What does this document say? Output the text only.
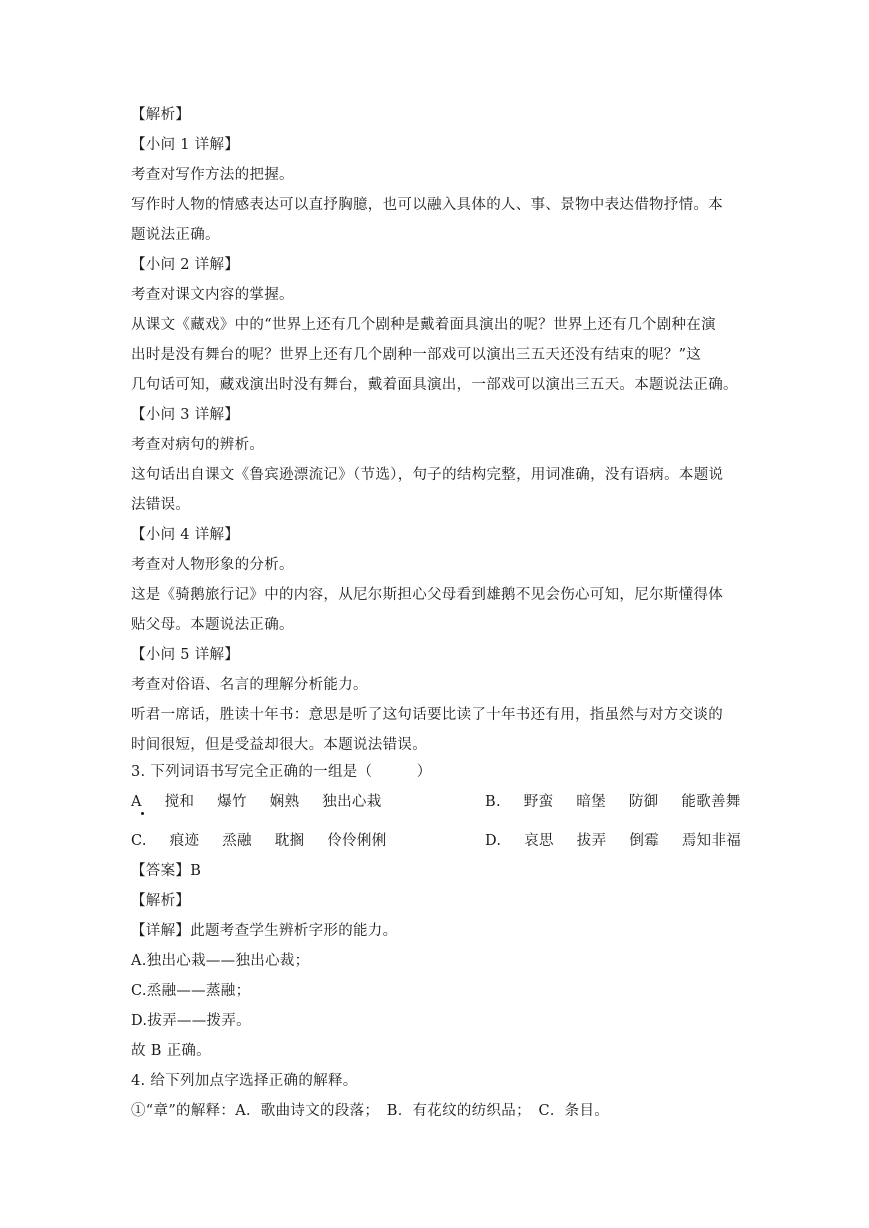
【解析】
【小问 1 详解】
考查对写作方法的把握。
写作时人物的情感表达可以直抒胸臆，也可以融入具体的人、事、景物中表达借物抒情。本
题说法正确。
【小问 2 详解】
考查对课文内容的掌握。
从课文《藏戏》中的“世界上还有几个剧种是戴着面具演出的呢？世界上还有几个剧种在演
出时是没有舞台的呢？世界上还有几个剧种一部戏可以演出三五天还没有结束的呢？”这
几句话可知，藏戏演出时没有舞台，戴着面具演出，一部戏可以演出三五天。本题说法正确。
【小问 3 详解】
考查对病句的辨析。
这句话出自课文《鲁宾逊漂流记》（节选），句子的结构完整，用词准确，没有语病。本题说
法错误。
【小问 4 详解】
考查对人物形象的分析。
这是《骑鹅旅行记》中的内容，从尼尔斯担心父母看到雄鹅不见会伤心可知，尼尔斯懂得体
贴父母。本题说法正确。
【小问 5 详解】
考查对俗语、名言的理解分析能力。
听君一席话，胜读十年书：意思是听了这句话要比读了十年书还有用，指虽然与对方交谈的
时间很短，但是受益却很大。本题说法错误。
3. 下列词语书写完全正确的一组是（　　　）
A 搅和 爆竹 娴熟 独出心栽	B. 野蛮 暗堡 防御 能歌善舞
C. 痕迹 烝融 耽搁 伶伶俐俐	D. 哀思 拔弄 倒霉 焉知非福
【答案】B
【解析】
【详解】此题考查学生辨析字形的能力。
A.独出心栽——独出心裁；
C.烝融——蒸融；
D.拔弄——拨弄。
故 B 正确。
4. 给下列加点字选择正确的解释。
①“章”的解释：A．歌曲诗文的段落；　B．有花纹的纺织品；　C．条目。
